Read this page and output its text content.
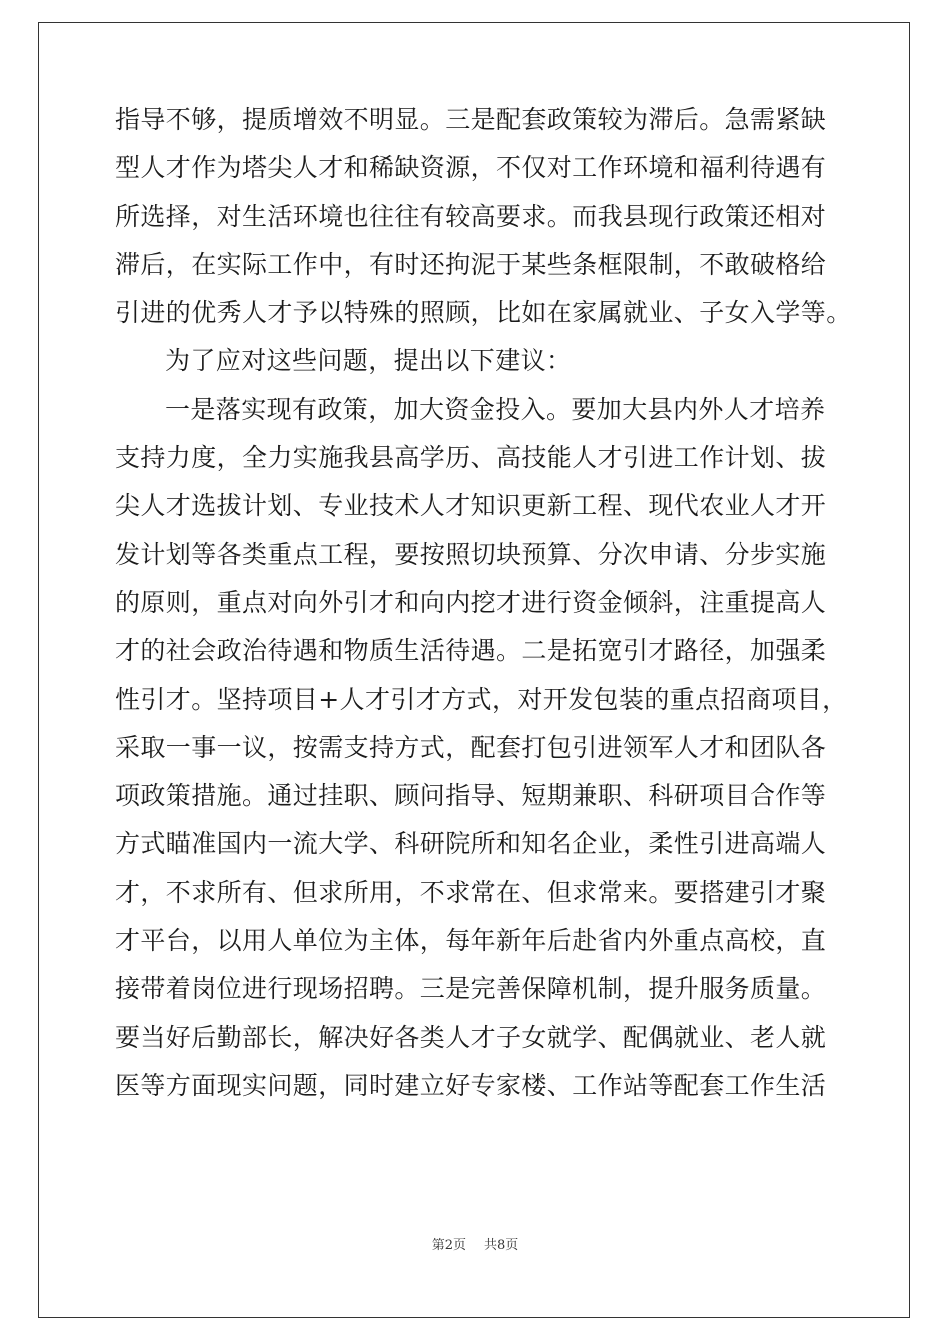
指导不够，提质增效不明显。三是配套政策较为滞后。急需紧缺
型人才作为塔尖人才和稀缺资源，不仅对工作环境和福利待遇有
所选择，对生活环境也往往有较高要求。而我县现行政策还相对
滞后，在实际工作中，有时还拘泥于某些条框限制，不敢破格给
引进的优秀人才予以特殊的照顾，比如在家属就业、子女入学等。
为了应对这些问题，提出以下建议：
一是落实现有政策，加大资金投入。要加大县内外人才培养
支持力度，全力实施我县高学历、高技能人才引进工作计划、拔
尖人才选拔计划、专业技术人才知识更新工程、现代农业人才开
发计划等各类重点工程，要按照切块预算、分次申请、分步实施
的原则，重点对向外引才和向内挖才进行资金倾斜，注重提高人
才的社会政治待遇和物质生活待遇。二是拓宽引才路径，加强柔
性引才。坚持项目+人才引才方式，对开发包装的重点招商项目，
采取一事一议，按需支持方式，配套打包引进领军人才和团队各
项政策措施。通过挂职、顾问指导、短期兼职、科研项目合作等
方式瞄准国内一流大学、科研院所和知名企业，柔性引进高端人
才，不求所有、但求所用，不求常在、但求常来。要搭建引才聚
才平台，以用人单位为主体，每年新年后赴省内外重点高校，直
接带着岗位进行现场招聘。三是完善保障机制，提升服务质量。
要当好后勤部长，解决好各类人才子女就学、配偶就业、老人就
医等方面现实问题，同时建立好专家楼、工作站等配套工作生活
第2页 共8页
